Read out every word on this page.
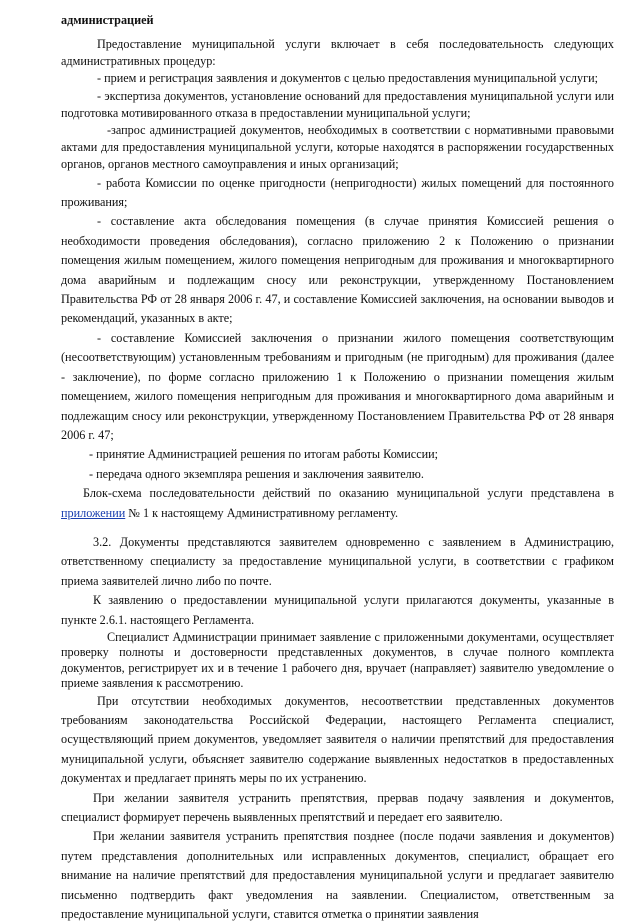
администрацией

Предоставление муниципальной услуги включает в себя последовательность следующих административных процедур:

- прием и регистрация заявления и документов с целью предоставления муниципальной услуги;

- экспертиза документов, установление оснований для предоставления муниципальной услуги или подготовка мотивированного отказа в предоставлении муниципальной услуги;

-запрос администрацией документов, необходимых в соответствии с нормативными правовыми актами для предоставления муниципальной услуги, которые находятся в распоряжении государственных органов, органов местного самоуправления и иных организаций;

- работа Комиссии по оценке пригодности (непригодности) жилых помещений для постоянного проживания;

- составление акта обследования помещения (в случае принятия Комиссией решения о необходимости проведения обследования), согласно приложению 2 к Положению о признании помещения жилым помещением, жилого помещения непригодным для проживания и многоквартирного дома аварийным и подлежащим сносу или реконструкции, утвержденному Постановлением Правительства РФ от 28 января 2006 г. 47, и составление Комиссией заключения, на основании выводов и рекомендаций, указанных в акте;

- составление Комиссией заключения о признании жилого помещения соответствующим (несоответствующим) установленным требованиям и пригодным (не пригодным) для проживания (далее - заключение), по форме согласно приложению 1 к Положению о признании помещения жилым помещением, жилого помещения непригодным для проживания и многоквартирного дома аварийным и подлежащим сносу или реконструкции, утвержденному Постановлением Правительства РФ от 28 января 2006 г. 47;

- принятие Администрацией решения по итогам работы Комиссии;

- передача одного экземпляра решения и заключения заявителю.

Блок-схема последовательности действий по оказанию муниципальной услуги представлена в приложении № 1 к настоящему Административному регламенту.

3.2. Документы представляются заявителем одновременно с заявлением в Администрацию, ответственному специалисту за предоставление муниципальной услуги, в соответствии с графиком приема заявителей лично либо по почте.

К заявлению о предоставлении муниципальной услуги прилагаются документы, указанные в пункте 2.6.1. настоящего Регламента.

Специалист Администрации принимает заявление с приложенными документами, осуществляет проверку полноты и достоверности представленных документов, в случае полного комплекта документов, регистрирует их и в течение 1 рабочего дня, вручает (направляет) заявителю уведомление о приеме заявления к рассмотрению.

При отсутствии необходимых документов, несоответствии представленных документов требованиям законодательства Российской Федерации, настоящего Регламента специалист, осуществляющий прием документов, уведомляет заявителя о наличии препятствий для предоставления муниципальной услуги, объясняет заявителю содержание выявленных недостатков в предоставленных документах и предлагает принять меры по их устранению.

При желании заявителя устранить препятствия, прервав подачу заявления и документов, специалист формирует перечень выявленных препятствий и передает его заявителю.

При желании заявителя устранить препятствия позднее (после подачи заявления и документов) путем представления дополнительных или исправленных документов, специалист, обращает его внимание на наличие препятствий для предоставления муниципальной услуги и предлагает заявителю письменно подтвердить факт уведомления на заявлении. Специалистом, ответственным за предоставление муниципальной услуги, ставится отметка о принятии заявления
